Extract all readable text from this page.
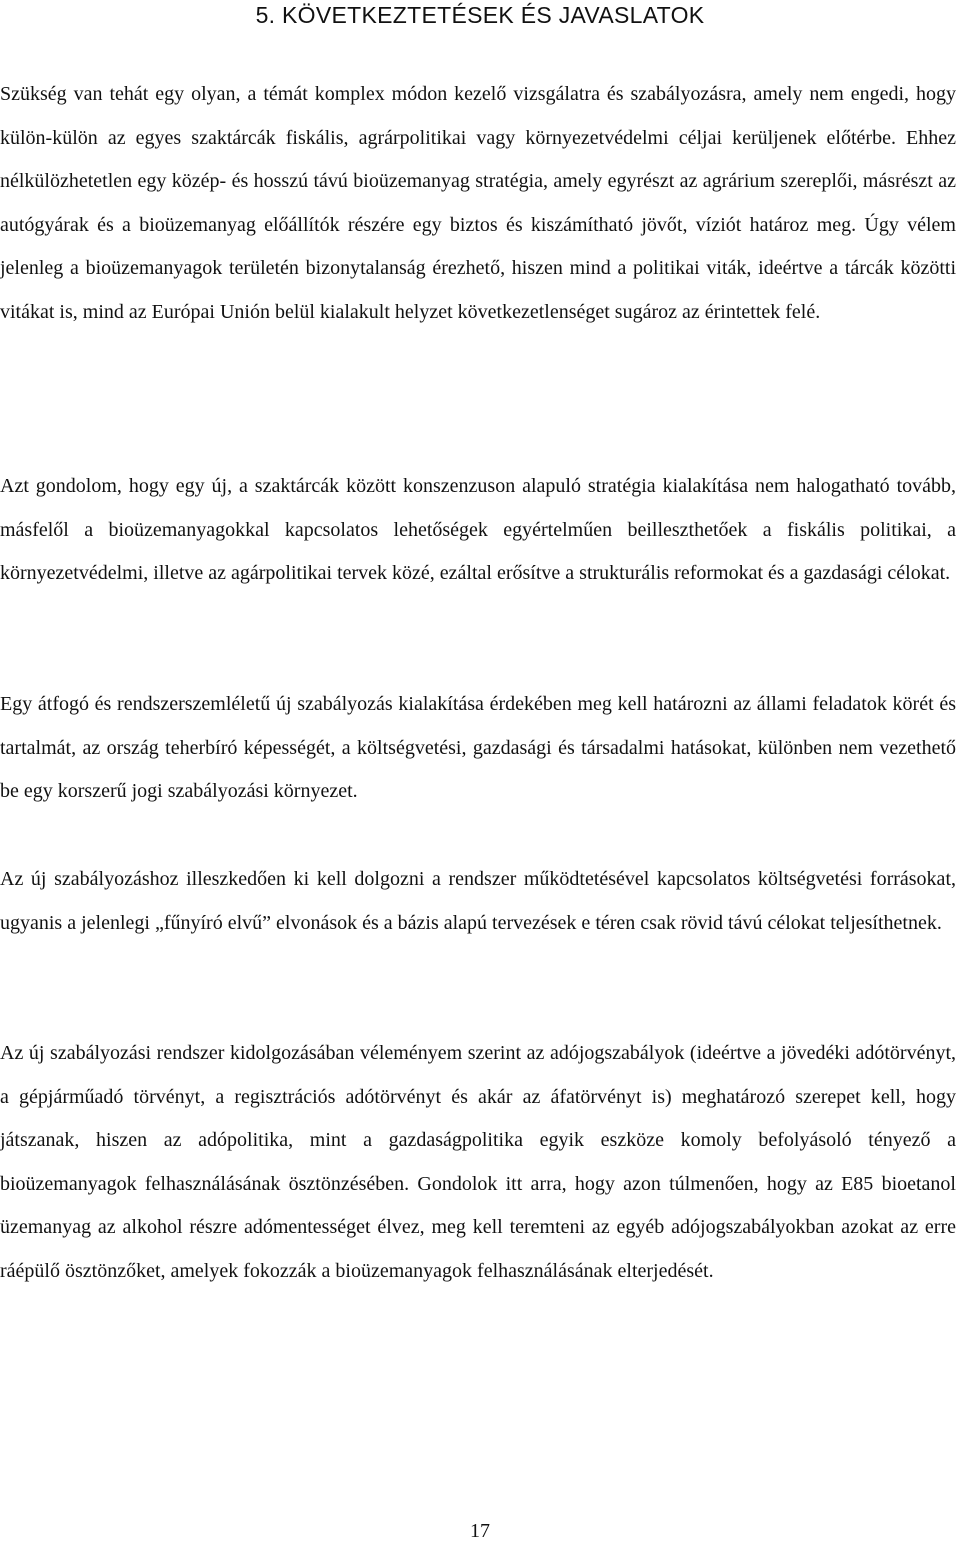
5. KÖVETKEZTETÉSEK ÉS JAVASLATOK

Szükség van tehát egy olyan, a témát komplex módon kezelő vizsgálatra és szabályozásra, amely nem engedi, hogy külön-külön az egyes szaktárcák fiskális, agrárpolitikai vagy környezetvédelmi céljai kerüljenek előtérbe. Ehhez nélkülözhetetlen egy közép- és hosszú távú bioüzemanyag stratégia, amely egyrészt az agrárium szereplői, másrészt az autógyárak és a bioüzemanyag előállítók részére egy biztos és kiszámítható jövőt, víziót határoz meg. Úgy vélem jelenleg a bioüzemanyagok területén bizonytalanság érezhető, hiszen mind a politikai viták, ideértve a tárcák közötti vitákat is, mind az Európai Unión belül kialakult helyzet következetlenséget sugároz az érintettek felé.

Azt gondolom, hogy egy új, a szaktárcák között konszenzuson alapuló stratégia kialakítása nem halogatható tovább, másfelől a bioüzemanyagokkal kapcsolatos lehetőségek egyértelműen beilleszthetőek a fiskális politikai, a környezetvédelmi, illetve az agárpolitikai tervek közé, ezáltal erősítve a strukturális reformokat és a gazdasági célokat.

Egy átfogó és rendszerszemléletű új szabályozás kialakítása érdekében meg kell határozni az állami feladatok körét és tartalmát, az ország teherbíró képességét, a költségvetési, gazdasági és társadalmi hatásokat, különben nem vezethető be egy korszerű jogi szabályozási környezet.

Az új szabályozáshoz illeszkedően ki kell dolgozni a rendszer működtetésével kapcsolatos költségvetési forrásokat, ugyanis a jelenlegi „fűnyíró elvű” elvonások és a bázis alapú tervezések e téren csak rövid távú célokat teljesíthetnek.

Az új szabályozási rendszer kidolgozásában véleményem szerint az adójogszabályok (ideértve a jövedéki adótörvényt, a gépjárműadó törvényt, a regisztrációs adótörvényt és akár az áfatörvényt is) meghatározó szerepet kell, hogy játszanak, hiszen az adópolitika, mint a gazdaságpolitika egyik eszköze komoly befolyásoló tényező a bioüzemanyagok felhasználásának ösztönzésében. Gondolok itt arra, hogy azon túlmenően, hogy az E85 bioetanol üzemanyag az alkohol részre adómentességet élvez, meg kell teremteni az egyéb adójogszabályokban azokat az erre ráépülő ösztönzőket, amelyek fokozzák a bioüzemanyagok felhasználásának elterjedését.

17
